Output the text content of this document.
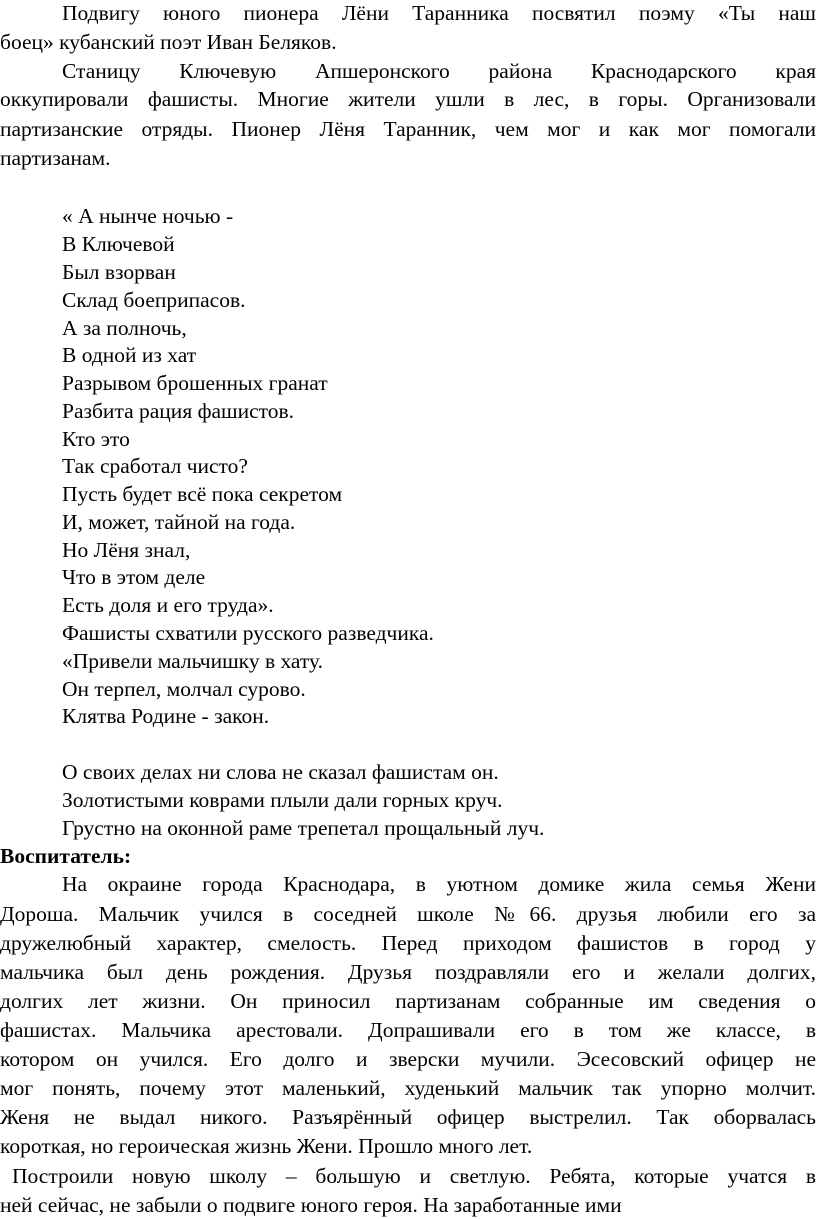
Подвигу юного пионера Лёни Таранника посвятил поэму «Ты наш
боец» кубанский поэт Иван Беляков.
Станицу Ключевую Апшеронского района Краснодарского края
оккупировали фашисты. Многие жители ушли в лес, в горы. Организовали
партизанские отряды. Пионер Лёня Таранник, чем мог и как мог помогали
партизанам.
« А нынче ночью -
В Ключевой
Был взорван
Склад боеприпасов.
А за полночь,
В одной из хат
Разрывом брошенных гранат
Разбита рация фашистов.
Кто это
Так сработал чисто?
Пусть будет всё пока секретом
И, может, тайной на года.
Но Лёня знал,
Что в этом деле
Есть доля и его труда».
Фашисты схватили русского разведчика.
«Привели мальчишку в хату.
Он терпел, молчал сурово.
Клятва Родине - закон.
О своих делах ни слова не сказал фашистам он.
Золотистыми коврами плыли дали горных круч.
Грустно на оконной раме трепетал прощальный луч.
Воспитатель:
На окраине города Краснодара, в уютном домике жила семья Жени
Дороша. Мальчик учился в соседней школе №66. друзья любили его за
дружелюбный характер, смелость. Перед приходом фашистов в город у
мальчика был день рождения. Друзья поздравляли его и желали долгих,
долгих лет жизни. Он приносил партизанам собранные им сведения о
фашистах. Мальчика арестовали. Допрашивали его в том же классе, в
котором он учился. Его долго и зверски мучили. Эсесовский офицер не
мог понять, почему этот маленький, худенький мальчик так упорно молчит.
Женя не выдал никого. Разъярённый офицер выстрелил. Так оборвалась
короткая, но героическая жизнь Жени. Прошло много лет.
Построили новую школу – большую и светлую. Ребята, которые учатся в
ней сейчас, не забыли о подвиге юного героя. На заработанные ими
